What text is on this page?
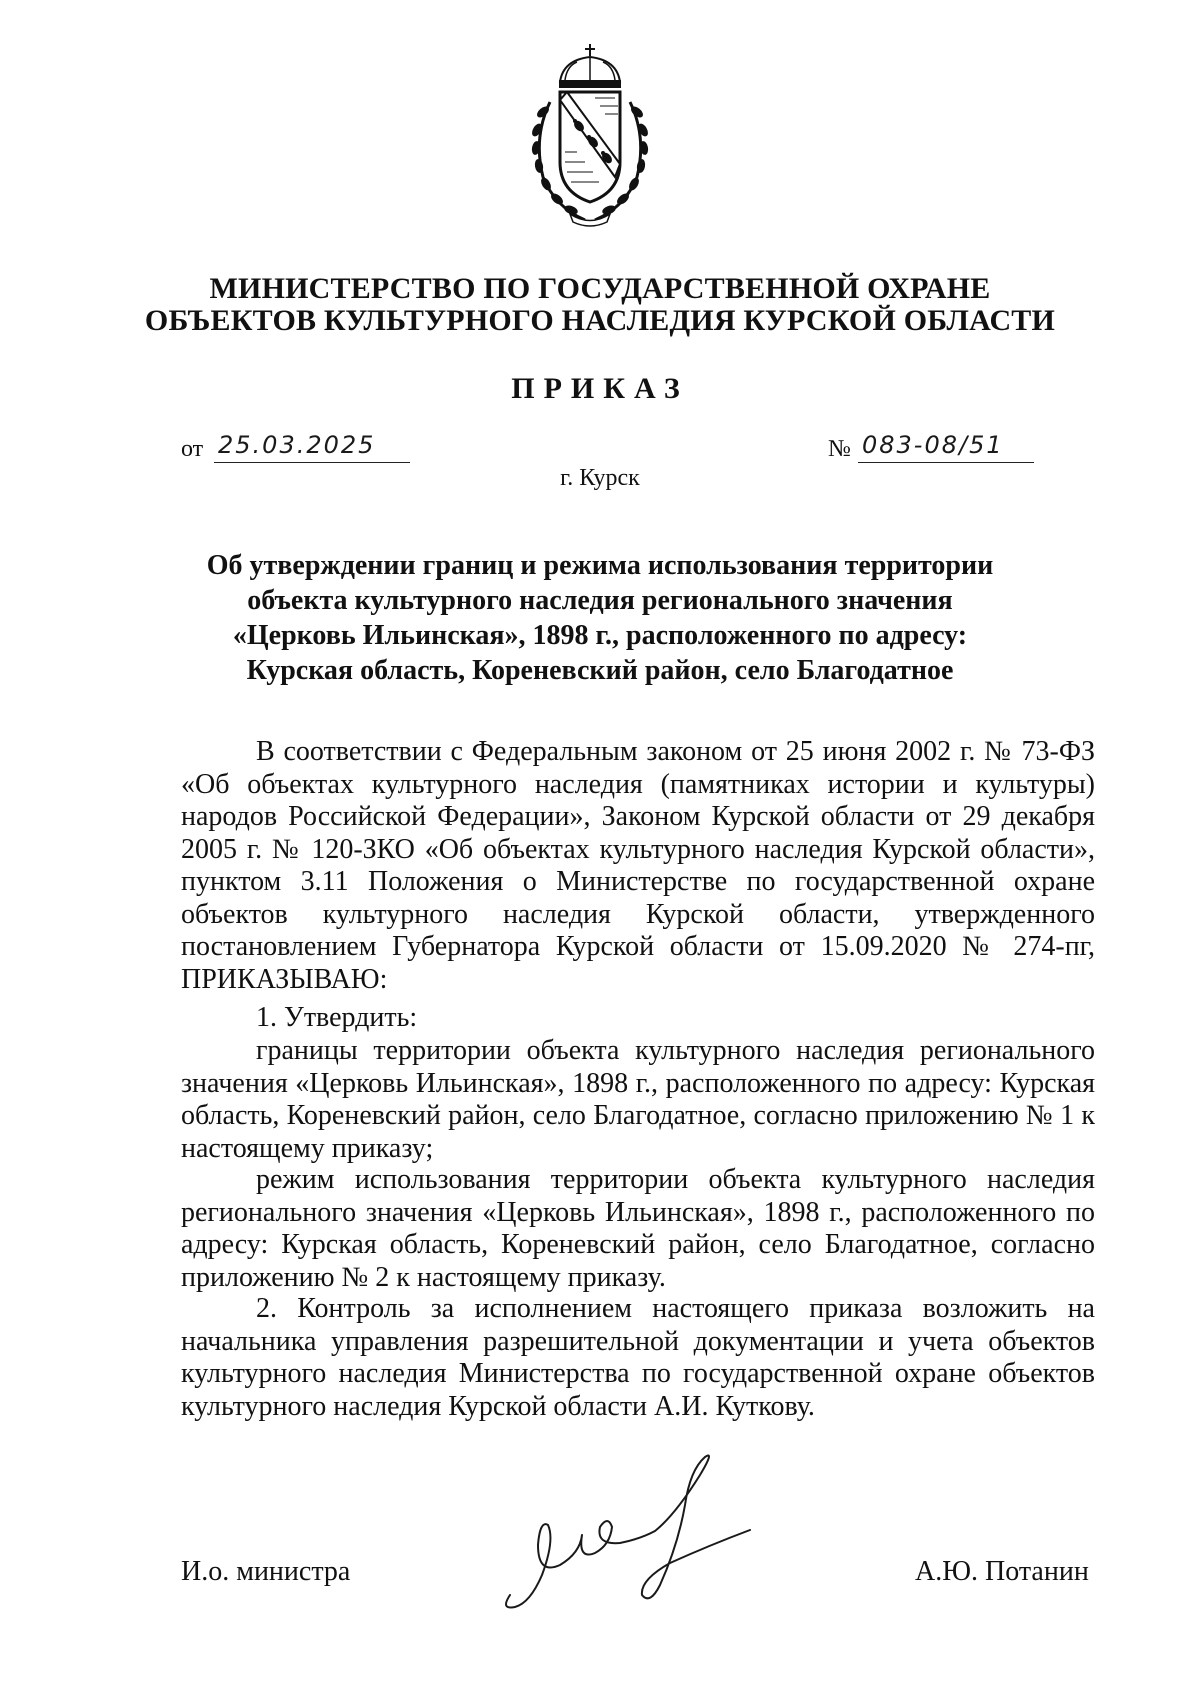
МИНИСТЕРСТВО ПО ГОСУДАРСТВЕННОЙ ОХРАНЕ
ОБЪЕКТОВ КУЛЬТУРНОГО НАСЛЕДИЯ КУРСКОЙ ОБЛАСТИ
ПРИКАЗ
от 25.03.2025	№ 083-08/51
г. Курск
Об утверждении границ и режима использования территории
объекта культурного наследия регионального значения
«Церковь Ильинская», 1898 г., расположенного по адресу:
Курская область, Кореневский район, село Благодатное
В соответствии с Федеральным законом от 25 июня 2002 г. № 73-ФЗ «Об объектах культурного наследия (памятниках истории и культуры) народов Российской Федерации», Законом Курской области от 29 декабря 2005 г. № 120-ЗКО «Об объектах культурного наследия Курской области», пунктом 3.11 Положения о Министерстве по государственной охране объектов культурного наследия Курской области, утвержденного постановлением Губернатора Курской области от 15.09.2020 № 274-пг, ПРИКАЗЫВАЮ:
1. Утвердить:
границы территории объекта культурного наследия регионального значения «Церковь Ильинская», 1898 г., расположенного по адресу: Курская область, Кореневский район, село Благодатное, согласно приложению № 1 к настоящему приказу;
режим использования территории объекта культурного наследия регионального значения «Церковь Ильинская», 1898 г., расположенного по адресу: Курская область, Кореневский район, село Благодатное, согласно приложению № 2 к настоящему приказу.
2. Контроль за исполнением настоящего приказа возложить на начальника управления разрешительной документации и учета объектов культурного наследия Министерства по государственной охране объектов культурного наследия Курской области А.И. Куткову.
И.о. министра	А.Ю. Потанин
